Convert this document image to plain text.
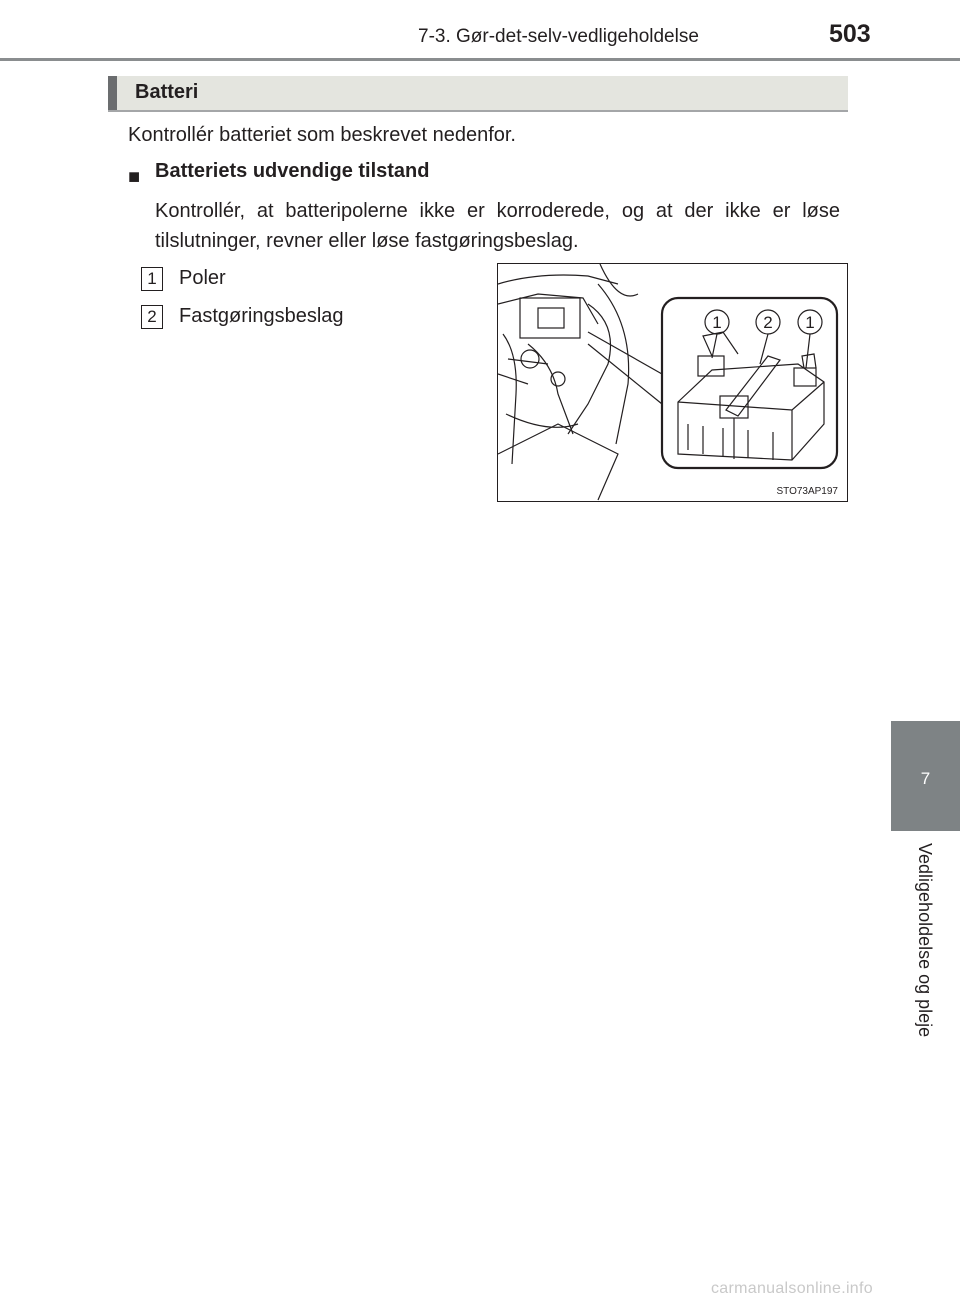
7-3. Gør-det-selv-vedligeholdelse	503
Batteri

Kontrollér batteriet som beskrevet nedenfor.

■ Batteriets udvendige tilstand

Kontrollér, at batteripolerne ikke er korroderede, og at der ikke er løse tilslutninger, revner eller løse fastgøringsbeslag.

1	Poler
2	Fastgøringsbeslag	1 2 1
STO73AP197
7
Vedligeholdelse og pleje
carmanualsonline.info
